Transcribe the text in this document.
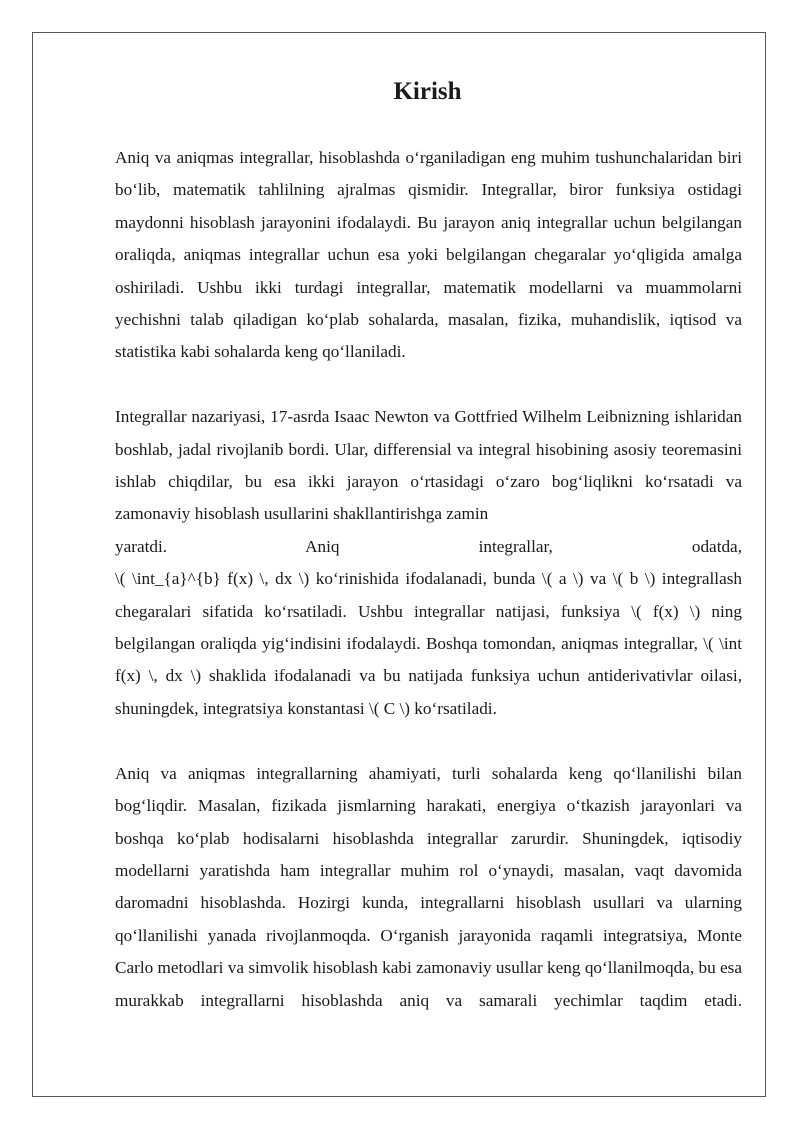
Kirish

Aniq va aniqmas integrallar, hisoblashda o‘rganiladigan eng muhim tushunchalaridan biri bo‘lib, matematik tahlilning ajralmas qismidir. Integrallar, biror funksiya ostidagi maydonni hisoblash jarayonini ifodalaydi. Bu jarayon aniq integrallar uchun belgilangan oraliqda, aniqmas integrallar uchun esa yoki belgilangan chegaralar yo‘qligida amalga oshiriladi. Ushbu ikki turdagi integrallar, matematik modellarni va muammolarni yechishni talab qiladigan ko‘plab sohalarda, masalan, fizika, muhandislik, iqtisod va statistika kabi sohalarda keng qo‘llaniladi.

Integrallar nazariyasi, 17-asrda Isaac Newton va Gottfried Wilhelm Leibnizning ishlaridan boshlab, jadal rivojlanib bordi. Ular, differensial va integral hisobining asosiy teoremasini ishlab chiqdilar, bu esa ikki jarayon o‘rtasidagi o‘zaro bog‘liqlikni ko‘rsatadi va zamonaviy hisoblash usullarini shakllantirishga zamin
yaratdi. Aniq integrallar, odatda,
\( \int_{a}^{b} f(x) \, dx \) ko‘rinishida ifodalanadi, bunda \( a \) va \( b \) integrallash chegaralari sifatida ko‘rsatiladi. Ushbu integrallar natijasi, funksiya \( f(x) \) ning belgilangan oraliqda yig‘indisini ifodalaydi. Boshqa tomondan, aniqmas integrallar, \( \int f(x) \, dx \) shaklida ifodalanadi va bu natijada funksiya uchun antiderivativlar oilasi, shuningdek, integratsiya konstantasi \( C \) ko‘rsatiladi.

Aniq va aniqmas integrallarning ahamiyati, turli sohalarda keng qo‘llanilishi bilan bog‘liqdir. Masalan, fizikada jismlarning harakati, energiya o‘tkazish jarayonlari va boshqa ko‘plab hodisalarni hisoblashda integrallar zarurdir. Shuningdek, iqtisodiy modellarni yaratishda ham integrallar muhim rol o‘ynaydi, masalan, vaqt davomida daromadni hisoblashda. Hozirgi kunda, integrallarni hisoblash usullari va ularning qo‘llanilishi yanada rivojlanmoqda. O‘rganish jarayonida raqamli integratsiya, Monte Carlo metodlari va simvolik hisoblash kabi zamonaviy usullar keng qo‘llanilmoqda, bu esa murakkab integrallarni hisoblashda aniq va samarali yechimlar taqdim etadi.
